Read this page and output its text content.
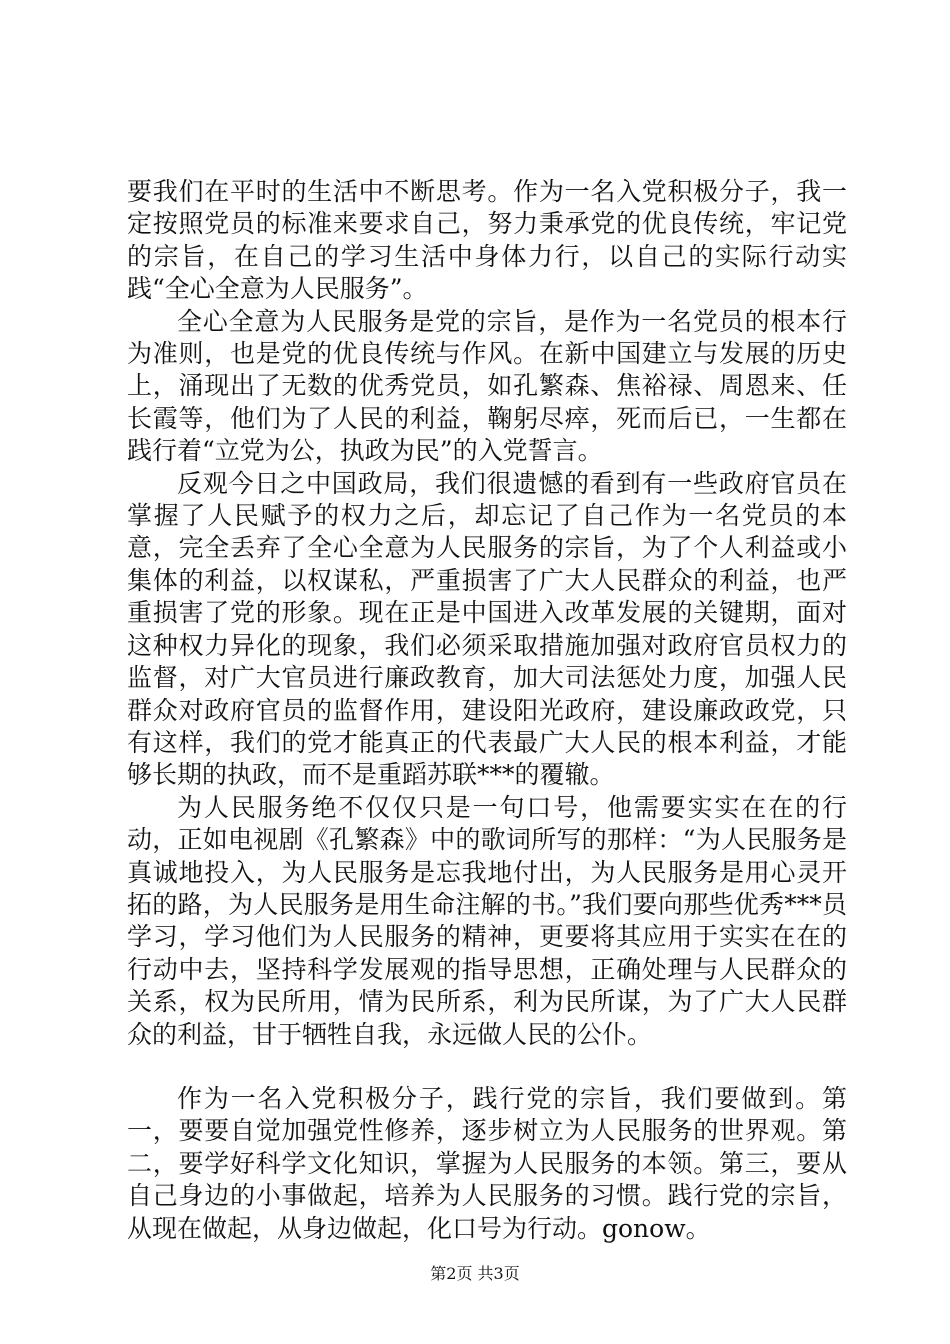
要我们在平时的生活中不断思考。作为一名入党积极分子，我一定按照党员的标准来要求自己，努力秉承党的优良传统，牢记党的宗旨，在自己的学习生活中身体力行，以自己的实际行动实践“全心全意为人民服务”。

全心全意为人民服务是党的宗旨，是作为一名党员的根本行为准则，也是党的优良传统与作风。在新中国建立与发展的历史上，涌现出了无数的优秀党员，如孔繁森、焦裕禄、周恩来、任长霞等，他们为了人民的利益，鞠躬尽瘁，死而后已，一生都在践行着“立党为公，执政为民”的入党誓言。

反观今日之中国政局，我们很遗憾的看到有一些政府官员在掌握了人民赋予的权力之后，却忘记了自己作为一名党员的本意，完全丢弃了全心全意为人民服务的宗旨，为了个人利益或小集体的利益，以权谋私，严重损害了广大人民群众的利益，也严重损害了党的形象。现在正是中国进入改革发展的关键期，面对这种权力异化的现象，我们必须采取措施加强对政府官员权力的监督，对广大官员进行廉政教育，加大司法惩处力度，加强人民群众对政府官员的监督作用，建设阳光政府，建设廉政政党，只有这样，我们的党才能真正的代表最广大人民的根本利益，才能够长期的执政，而不是重蹈苏联***的覆辙。

为人民服务绝不仅仅只是一句口号，他需要实实在在的行动，正如电视剧《孔繁森》中的歌词所写的那样：“为人民服务是真诚地投入，为人民服务是忘我地付出，为人民服务是用心灵开拓的路，为人民服务是用生命注解的书。”我们要向那些优秀***员学习，学习他们为人民服务的精神，更要将其应用于实实在在的行动中去，坚持科学发展观的指导思想，正确处理与人民群众的关系，权为民所用，情为民所系，利为民所谋，为了广大人民群众的利益，甘于牺牲自我，永远做人民的公仆。

作为一名入党积极分子，践行党的宗旨，我们要做到。第一，要要自觉加强党性修养，逐步树立为人民服务的世界观。第二，要学好科学文化知识，掌握为人民服务的本领。第三，要从自己身边的小事做起，培养为人民服务的习惯。践行党的宗旨，从现在做起，从身边做起，化口号为行动。gonow。

第2页 共3页
